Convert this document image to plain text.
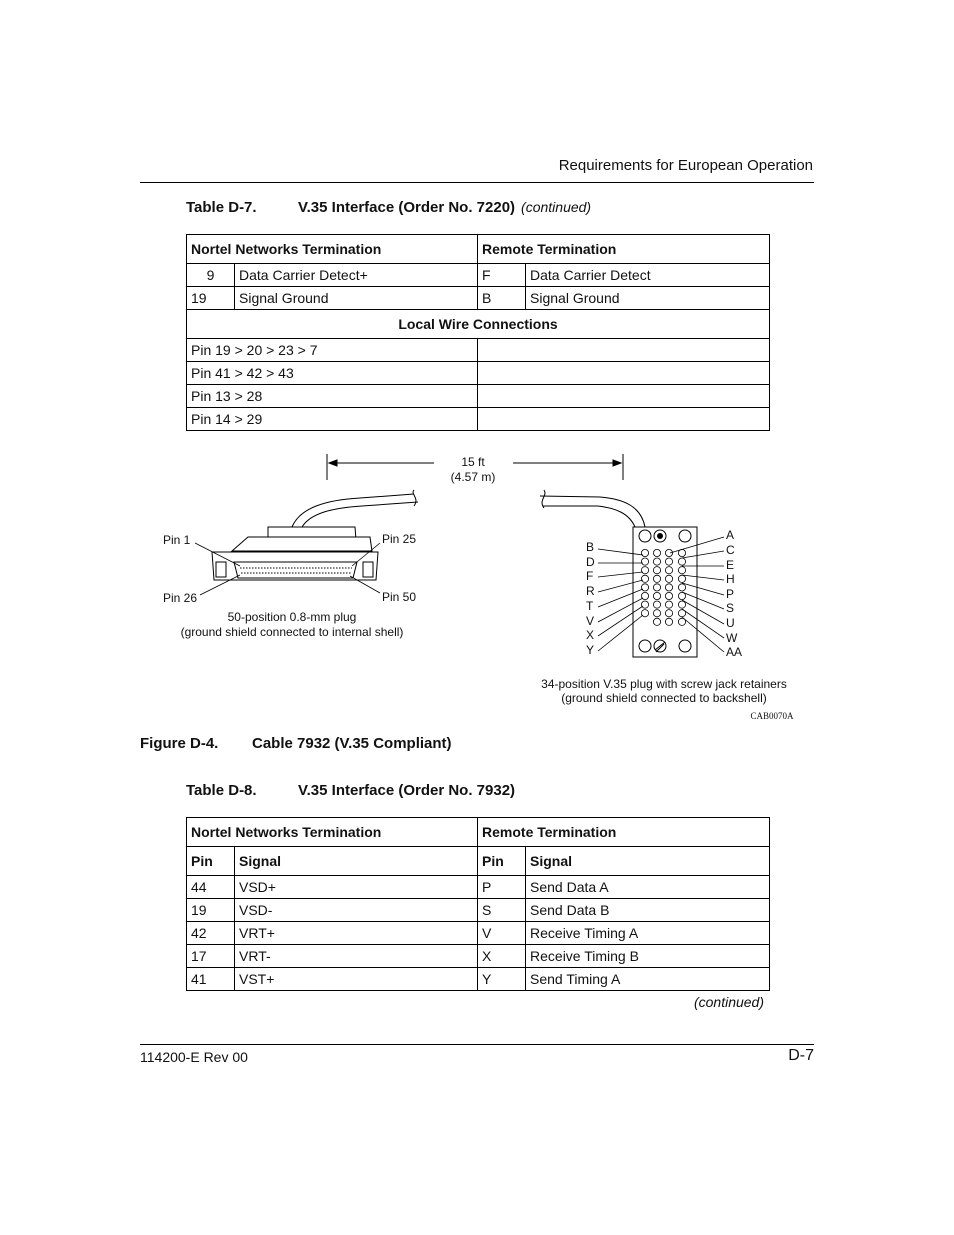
Requirements for European Operation
Table D-7.	V.35 Interface (Order No. 7220) (continued)
Nortel Networks Termination		Remote Termination	
9	Data Carrier Detect+	F	Data Carrier Detect
19	Signal Ground	B	Signal Ground
Local Wire Connections			
Pin 19 > 20 > 23 > 7			
Pin 41 > 42 > 43			
Pin 13 > 28			
Pin 14 > 29			
15 ft
(4.57 m)
Pin 1	Pin 25
Pin 26	Pin 50
50-position 0.8-mm plug
(ground shield connected to internal shell)
B
D
F
R
T
V
X
Y
A
C
E
H
P
S
U
W
AA
34-position V.35 plug with screw jack retainers
(ground shield connected to backshell)
CAB0070A
Figure D-4. Cable 7932 (V.35 Compliant)
Table D-8.	V.35 Interface (Order No. 7932)
Nortel Networks Termination		Remote Termination	
Pin	Signal	Pin	Signal
44	VSD+	P	Send Data A
19	VSD-	S	Send Data B
42	VRT+	V	Receive Timing A
17	VRT-	X	Receive Timing B
41	VST+	Y	Send Timing A
(continued)
114200-E Rev 00	D-7
